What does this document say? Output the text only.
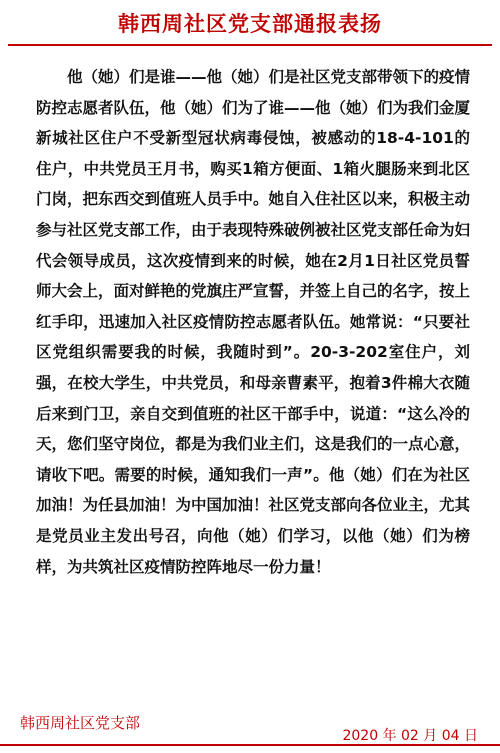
韩西周社区党支部通报表扬

他（她）们是谁——他（她）们是社区党支部带领下的疫情防控志愿者队伍，他（她）们为了谁——他（她）们为我们金厦新城社区住户不受新型冠状病毒侵蚀，被感动的18-4-101的住户，中共党员王月书，购买1箱方便面、1箱火腿肠来到北区门岗，把东西交到值班人员手中。她自入住社区以来，积极主动参与社区党支部工作，由于表现特殊破例被社区党支部任命为妇代会领导成员，这次疫情到来的时候，她在2月1日社区党员誓师大会上，面对鲜艳的党旗庄严宣誓，并签上自己的名字，按上红手印，迅速加入社区疫情防控志愿者队伍。她常说：“只要社区党组织需要我的时候，我随时到”。20-3-202室住户，刘强，在校大学生，中共党员，和母亲曹素平，抱着3件棉大衣随后来到门卫，亲自交到值班的社区干部手中，说道：“这么冷的天，您们坚守岗位，都是为我们业主们，这是我们的一点心意，请收下吧。需要的时候，通知我们一声”。他（她）们在为社区加油！为任县加油！为中国加油！社区党支部向各位业主，尤其是党员业主发出号召，向他（她）们学习，以他（她）们为榜样，为共筑社区疫情防控阵地尽一份力量！

韩西周社区党支部
2020 年 02 月 04 日
